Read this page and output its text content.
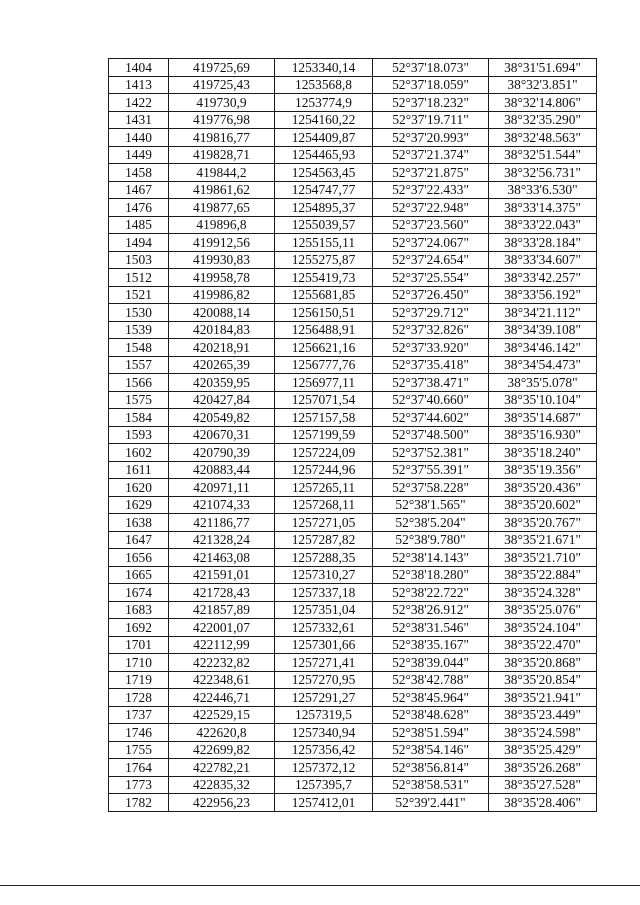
1404	419725,69	1253340,14	52°37'18.073"	38°31'51.694"
1413	419725,43	1253568,8	52°37'18.059"	38°32'3.851"
1422	419730,9	1253774,9	52°37'18.232"	38°32'14.806"
1431	419776,98	1254160,22	52°37'19.711"	38°32'35.290"
1440	419816,77	1254409,87	52°37'20.993"	38°32'48.563"
1449	419828,71	1254465,93	52°37'21.374"	38°32'51.544"
1458	419844,2	1254563,45	52°37'21.875"	38°32'56.731"
1467	419861,62	1254747,77	52°37'22.433"	38°33'6.530"
1476	419877,65	1254895,37	52°37'22.948"	38°33'14.375"
1485	419896,8	1255039,57	52°37'23.560"	38°33'22.043"
1494	419912,56	1255155,11	52°37'24.067"	38°33'28.184"
1503	419930,83	1255275,87	52°37'24.654"	38°33'34.607"
1512	419958,78	1255419,73	52°37'25.554"	38°33'42.257"
1521	419986,82	1255681,85	52°37'26.450"	38°33'56.192"
1530	420088,14	1256150,51	52°37'29.712"	38°34'21.112"
1539	420184,83	1256488,91	52°37'32.826"	38°34'39.108"
1548	420218,91	1256621,16	52°37'33.920"	38°34'46.142"
1557	420265,39	1256777,76	52°37'35.418"	38°34'54.473"
1566	420359,95	1256977,11	52°37'38.471"	38°35'5.078"
1575	420427,84	1257071,54	52°37'40.660"	38°35'10.104"
1584	420549,82	1257157,58	52°37'44.602"	38°35'14.687"
1593	420670,31	1257199,59	52°37'48.500"	38°35'16.930"
1602	420790,39	1257224,09	52°37'52.381"	38°35'18.240"
1611	420883,44	1257244,96	52°37'55.391"	38°35'19.356"
1620	420971,11	1257265,11	52°37'58.228"	38°35'20.436"
1629	421074,33	1257268,11	52°38'1.565"	38°35'20.602"
1638	421186,77	1257271,05	52°38'5.204"	38°35'20.767"
1647	421328,24	1257287,82	52°38'9.780"	38°35'21.671"
1656	421463,08	1257288,35	52°38'14.143"	38°35'21.710"
1665	421591,01	1257310,27	52°38'18.280"	38°35'22.884"
1674	421728,43	1257337,18	52°38'22.722"	38°35'24.328"
1683	421857,89	1257351,04	52°38'26.912"	38°35'25.076"
1692	422001,07	1257332,61	52°38'31.546"	38°35'24.104"
1701	422112,99	1257301,66	52°38'35.167"	38°35'22.470"
1710	422232,82	1257271,41	52°38'39.044"	38°35'20.868"
1719	422348,61	1257270,95	52°38'42.788"	38°35'20.854"
1728	422446,71	1257291,27	52°38'45.964"	38°35'21.941"
1737	422529,15	1257319,5	52°38'48.628"	38°35'23.449"
1746	422620,8	1257340,94	52°38'51.594"	38°35'24.598"
1755	422699,82	1257356,42	52°38'54.146"	38°35'25.429"
1764	422782,21	1257372,12	52°38'56.814"	38°35'26.268"
1773	422835,32	1257395,7	52°38'58.531"	38°35'27.528"
1782	422956,23	1257412,01	52°39'2.441"	38°35'28.406"
